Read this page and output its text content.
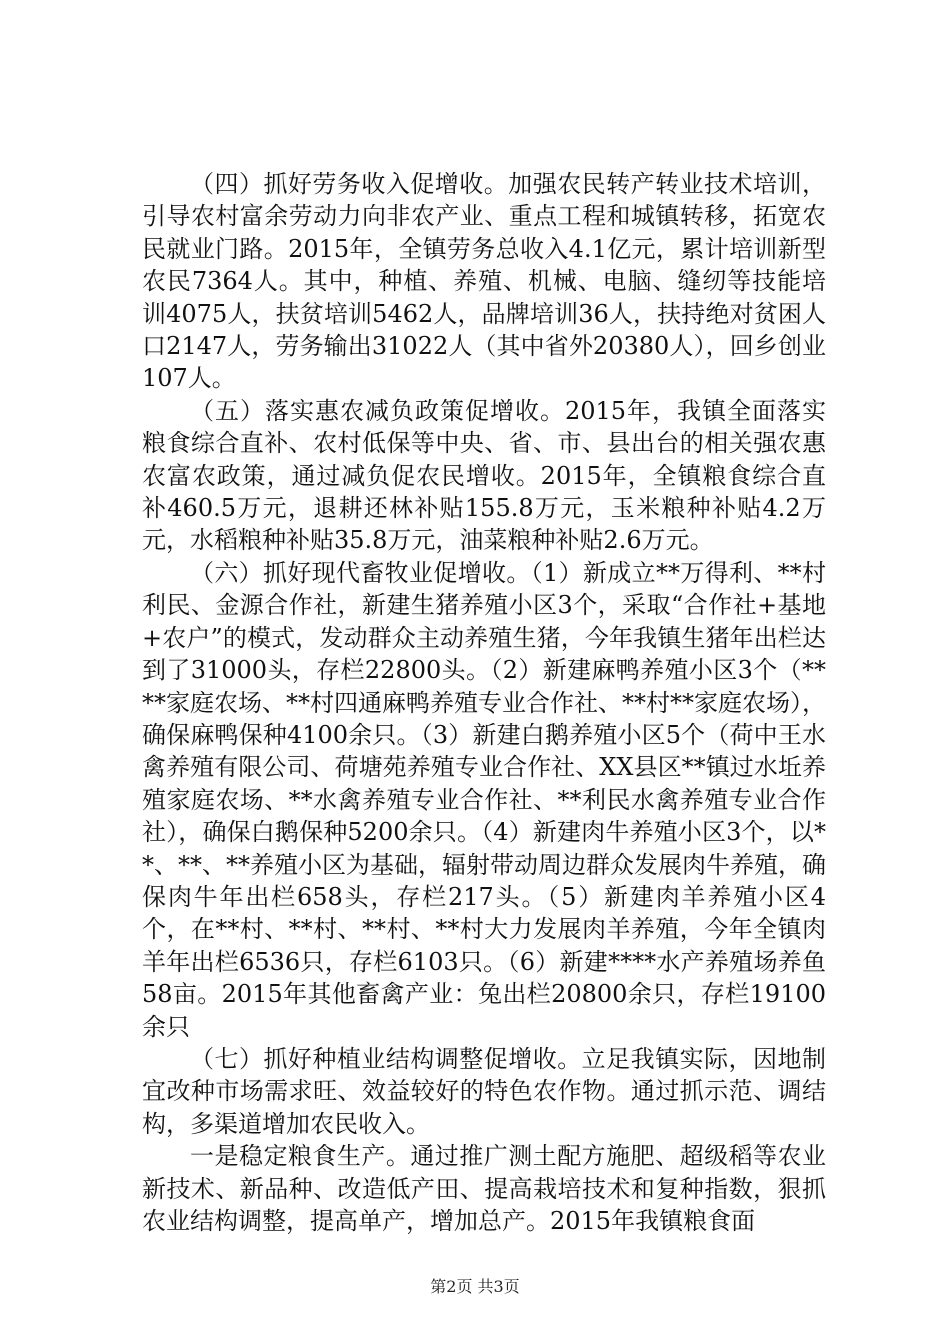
（四）抓好劳务收入促增收。加强农民转产转业技术培训，引导农村富余劳动力向非农产业、重点工程和城镇转移，拓宽农民就业门路。2015年，全镇劳务总收入4.1亿元，累计培训新型农民7364人。其中，种植、养殖、机械、电脑、缝纫等技能培训4075人，扶贫培训5462人，品牌培训36人，扶持绝对贫困人口2147人，劳务输出31022人（其中省外20380人），回乡创业107人。

（五）落实惠农减负政策促增收。2015年，我镇全面落实粮食综合直补、农村低保等中央、省、市、县出台的相关强农惠农富农政策，通过减负促农民增收。2015年，全镇粮食综合直补460.5万元，退耕还林补贴155.8万元，玉米粮种补贴4.2万元，水稻粮种补贴35.8万元，油菜粮种补贴2.6万元。

（六）抓好现代畜牧业促增收。（1）新成立**万得利、**村利民、金源合作社，新建生猪养殖小区3个，采取“合作社+基地+农户”的模式，发动群众主动养殖生猪，今年我镇生猪年出栏达到了31000头，存栏22800头。（2）新建麻鸭养殖小区3个（****家庭农场、**村四通麻鸭养殖专业合作社、**村**家庭农场），确保麻鸭保种4100余只。（3）新建白鹅养殖小区5个（荷中王水禽养殖有限公司、荷塘苑养殖专业合作社、XX县区**镇过水坵养殖家庭农场、**水禽养殖专业合作社、**利民水禽养殖专业合作社），确保白鹅保种5200余只。（4）新建肉牛养殖小区3个，以**、**、**养殖小区为基础，辐射带动周边群众发展肉牛养殖，确保肉牛年出栏658头，存栏217头。（5）新建肉羊养殖小区4个，在**村、**村、**村、**村大力发展肉羊养殖，今年全镇肉羊年出栏6536只，存栏6103只。（6）新建****水产养殖场养鱼58亩。2015年其他畜禽产业：兔出栏20800余只，存栏19100余只

（七）抓好种植业结构调整促增收。立足我镇实际，因地制宜改种市场需求旺、效益较好的特色农作物。通过抓示范、调结构，多渠道增加农民收入。

一是稳定粮食生产。通过推广测土配方施肥、超级稻等农业新技术、新品种、改造低产田、提高栽培技术和复种指数，狠抓农业结构调整，提高单产，增加总产。2015年我镇粮食面

第2页 共3页
